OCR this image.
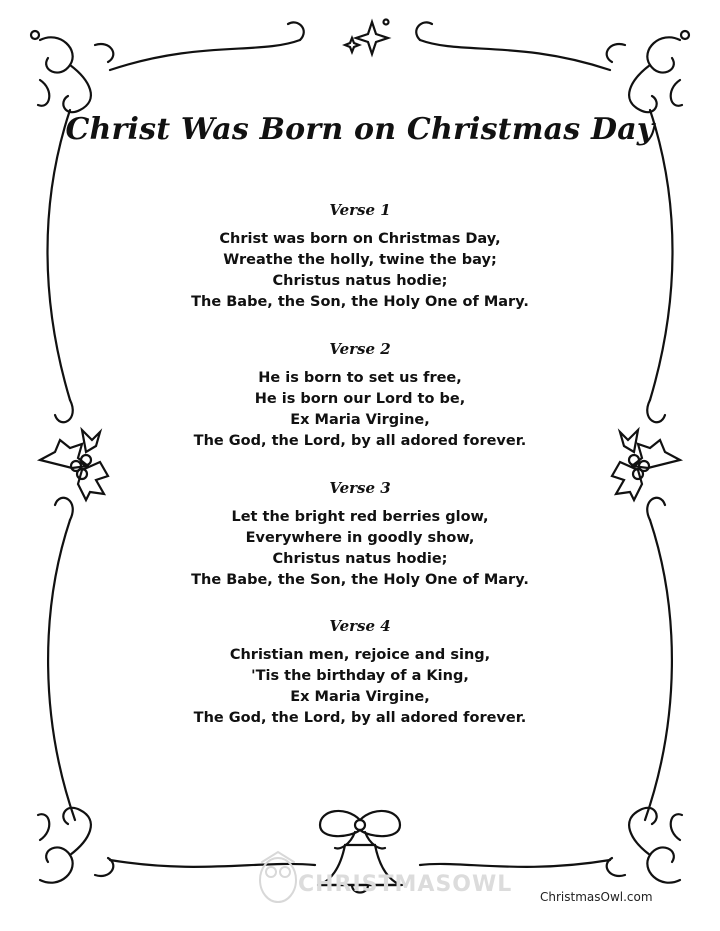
Christ Was Born on Christmas Day
Verse 1
Christ was born on Christmas Day,
Wreathe the holly, twine the bay;
Christus natus hodie;
The Babe, the Son, the Holy One of Mary.
Verse 2
He is born to set us free,
He is born our Lord to be,
Ex Maria Virgine,
The God, the Lord, by all adored forever.
Verse 3
Let the bright red berries glow,
Everywhere in goodly show,
Christus natus hodie;
The Babe, the Son, the Holy One of Mary.
Verse 4
Christian men, rejoice and sing,
'Tis the birthday of a King,
Ex Maria Virgine,
The God, the Lord, by all adored forever.
CHRISTMASOWL ChristmasOwl.com
